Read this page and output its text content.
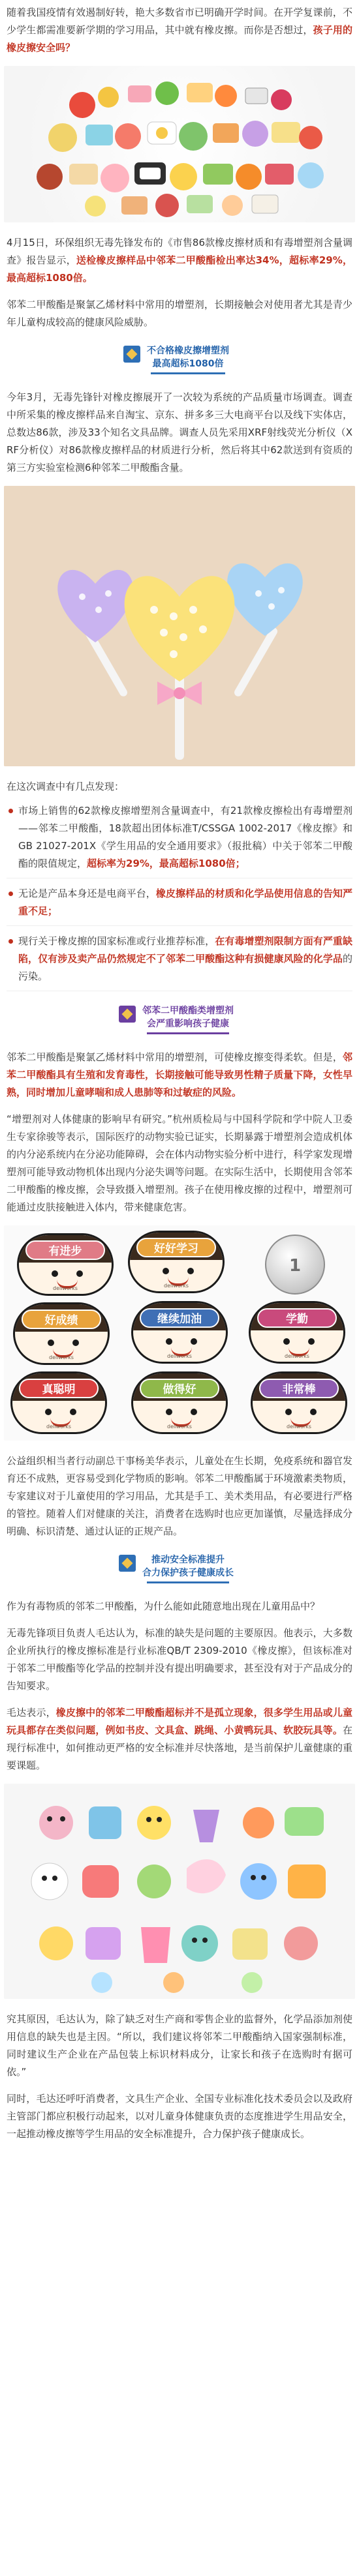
随着我国疫情有效遏制好转，艳大多数省市已明确开学时间。在开学复课前，不少学生都需准要新学期的学习用品，其中就有橡皮擦。而你是否想过，孩子用的橡皮擦安全吗？

4月15日，环保组织无毒先锋发布的《市售86款橡皮擦材质和有毒增塑剂含量调查》报告显示，送检橡皮擦样品中邻苯二甲酸酯检出率达34%，超标率29%，最高超标1080倍。

邻苯二甲酸酯是聚氯乙烯材料中常用的增塑剂，长期接触会对使用者尤其是青少年儿童构成较高的健康风险威胁。

不合格橡皮擦增塑剂
最高超标1080倍

今年3月，无毒先锋针对橡皮擦展开了一次较为系统的产品质量市场调查。调查中所采集的橡皮擦样品来自淘宝、京东、拼多多三大电商平台以及线下实体店，总数达86款，涉及33个知名文具品牌。调查人员先采用XRF射线荧光分析仪（XRF分析仪）对86款橡皮擦样品的材质进行分析，然后将其中62款送到有资质的第三方实验室检测6种邻苯二甲酸酯含量。

在这次调查中有几点发现：

市场上销售的62款橡皮擦增塑剂含量调查中，有21款橡皮擦检出有毒增塑剂——邻苯二甲酸酯，18款超出团体标准T/CSSGA 1002-2017《橡皮擦》和GB 21027-201X《学生用品的安全通用要求》（报批稿）中关于邻苯二甲酸酯的限值规定，超标率为29%，最高超标1080倍；
无论是产品本身还是电商平台，橡皮擦样品的材质和化学品使用信息的告知严重不足；
现行关于橡皮擦的国家标准或行业推荐标准，在有毒增塑剂限制方面有严重缺陷，仅有涉及卖产品仍然规定不了邻苯二甲酸酯这种有损健康风险的化学品的污染。
邻苯二甲酸酯类增塑剂
会严重影响孩子健康

邻苯二甲酸酯是聚氯乙烯材料中常用的增塑剂，可使橡皮擦变得柔软。但是，邻苯二甲酸酯具有生殖和发育毒性，长期接触可能导致男性精子质量下降，女性早熟，同时增加儿童哮喘和成人患肺等和过敏症的风险。

“增塑剂对人体健康的影响早有研究。”杭州质检局与中国科学院和学中院人卫委生专家徐骏等表示，国际医疗的动物实验已证实，长期暴露于增塑剂会造成机体的内分泌系统内在分泌功能障碍，会在体内动物实验分析中进行，科学家发现增塑剂可能导致动物机体出现内分泌失调等问题。在实际生活中，长期使用含邻苯二甲酸酯的橡皮擦，会导致摄入增塑剂。孩子在使用橡皮擦的过程中，增塑剂可能通过皮肤接触进入体内，带来健康危害。

有进步
deliworks
好好学习
deliworks
1
好成绩
deliworks
继续加油
deliworks
学勤
deliworks
真聪明
deliworks
做得好
deliworks
非常棒
deliworks

公益组织相当者行动副总干事杨美华表示，儿童处在生长期，免疫系统和器官发育还不成熟，更容易受到化学物质的影响。邻苯二甲酸酯属于环境激素类物质，专家建议对于儿童使用的学习用品，尤其是手工、美术类用品，有必要进行严格的管控。随着人们对健康的关注，消费者在选购时也应更加谨慎，尽量选择成分明确、标识清楚、通过认证的正规产品。

推动安全标准提升
合力保护孩子健康成长

作为有毒物质的邻苯二甲酸酯，为什么能如此随意地出现在儿童用品中？

无毒先锋项目负责人毛达认为，标准的缺失是问题的主要原因。他表示，大多数企业所执行的橡皮擦标准是行业标准QB/T 2309-2010《橡皮擦》，但该标准对于邻苯二甲酸酯等化学品的控制并没有提出明确要求，甚至没有对于产品成分的告知要求。

毛达表示，橡皮擦中的邻苯二甲酸酯超标并不是孤立现象，很多学生用品或儿童玩具都存在类似问题，例如书皮、文具盒、跳绳、小黄鸭玩具、软胶玩具等。在现行标准中，如何推动更严格的安全标准并尽快落地，是当前保护儿童健康的重要课题。

究其原因，毛达认为，除了缺乏对生产商和零售企业的监督外，化学品添加剂使用信息的缺失也是主因。“所以，我们建议将邻苯二甲酸酯纳入国家强制标准，同时建议生产企业在产品包装上标识材料成分，让家长和孩子在选购时有据可依。”

同时，毛达还呼吁消费者，文具生产企业、全国专业标准化技术委员会以及政府主管部门都应积极行动起来，以对儿童身体健康负责的态度推进学生用品安全，一起推动橡皮擦等学生用品的安全标准提升，合力保护孩子健康成长。
